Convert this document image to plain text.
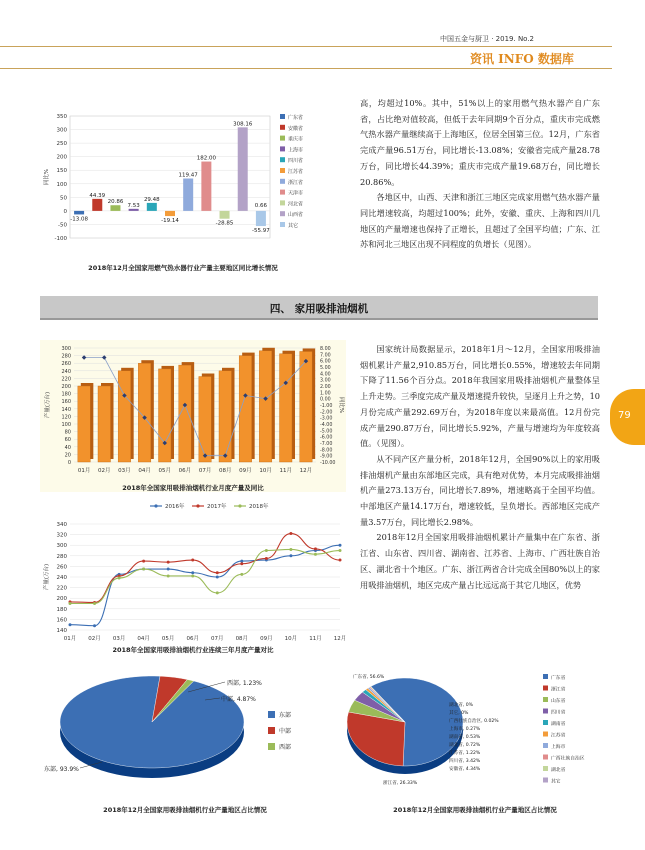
中国五金与厨卫 · 2019. No.2
资讯 INFO 数据库
79
-100
-50
0
50
100
150
200
250
300
350
同比%
-13.08
44.39
20.86
7.53
29.48
-19.14
119.47
182.00
-28.85
308.16
-55.97
0.66
广东省
安徽省
重庆市
上海市
四川省
江苏省
浙江省
天津市
河北省
山西省
其它
2018年12月全国家用燃气热水器行业产量主要地区同比增长情况

高，均超过10%。其中，51%以上的家用燃气热水器产自广东省，占比绝对值较高，但低于去年同期9个百分点，重庆市完成燃气热水器产量继续高于上海地区，位居全国第三位。12月，广东省完成产量96.51万台，同比增长-13.08%；安徽省完成产量28.78万台，同比增长44.39%；重庆市完成产量19.68万台，同比增长20.86%。

各地区中，山西、天津和浙江三地区完成家用燃气热水器产量同比增速较高，均超过100%；此外，安徽、重庆、上海和四川几地区的产量增速也保持了正增长，且超过了全国平均值；广东、江苏和河北三地区出现不同程度的负增长（见图）。

四、 家用吸排油烟机
0
20
40
60
80
100
120
140
160
180
200
220
240
260
280
300	8.00
7.00
6.00
5.00
4.00
3.00
2.00
1.00
0.00
-1.00
-2.00
-3.00
-4.00
-5.00
-6.00
-7.00
-8.00
-9.00
-10.00
产量(万台)	同比%
01月 02月 03月 04月 05月 06月 07月 08月 09月 10月 11月 12月
2018年全国家用吸排油烟机行业月度产量及同比
140
160
180
200
220
240
260
280
300
320
340
产量(万台)
01月 02月 03月 04月 05月 06月 07月 08月 09月 10月 11月 12月
2016年	2017年	2018年
2018年全国家用吸排油烟机行业连续三年月度产量对比

国家统计局数据显示，2018年1月～12月，全国家用吸排油烟机累计产量2,910.85万台，同比增长0.55%，增速较去年同期下降了11.56个百分点。2018年我国家用吸排油烟机产量整体呈上升走势。三季度完成产量及增速提升较快，呈逐月上升之势，10月份完成产量292.69万台，为2018年度以来最高值。12月份完成产量290.87万台，同比增长5.92%，产量与增速均为年度较高值。（见图）。

从不同产区产量分析，2018年12月，全国90%以上的家用吸排油烟机产量由东部地区完成，具有绝对优势，本月完成吸排油烟机产量273.13万台，同比增长7.89%，增速略高于全国平均值。中部地区产量14.17万台，增速较低，呈负增长。西部地区完成产量3.57万台，同比增长2.98%。

2018年12月全国家用吸排油烟机累计产量集中在广东省、浙江省、山东省、四川省、湖南省、江苏省、上海市、广西壮族自治区、湖北省十个地区。广东、浙江两省合计完成全国80%以上的家用吸排油烟机，地区完成产量占比远远高于其它几地区，优势

西部, 1.23%
中部, 4.87%
东部, 93.9%
东部
中部
西部
2018年12月全国家用吸排油烟机行业产量地区占比情况
广东省, 56.6%
浙江省, 26.33%
安徽省, 4.34%
四川省, 3.42%
江苏省, 1.22%
湖北省, 0.72%
湖南省, 0.53%
上海市, 0.27%
广西壮族自治区, 0.02%
其它, 0%
湖北省, 0%
广东省
浙江省
山东省
四川省
湖南省
江苏省
上海市
广西壮族自治区
湖北省
其它
2018年12月全国家用吸排油烟机行业产量地区占比情况
